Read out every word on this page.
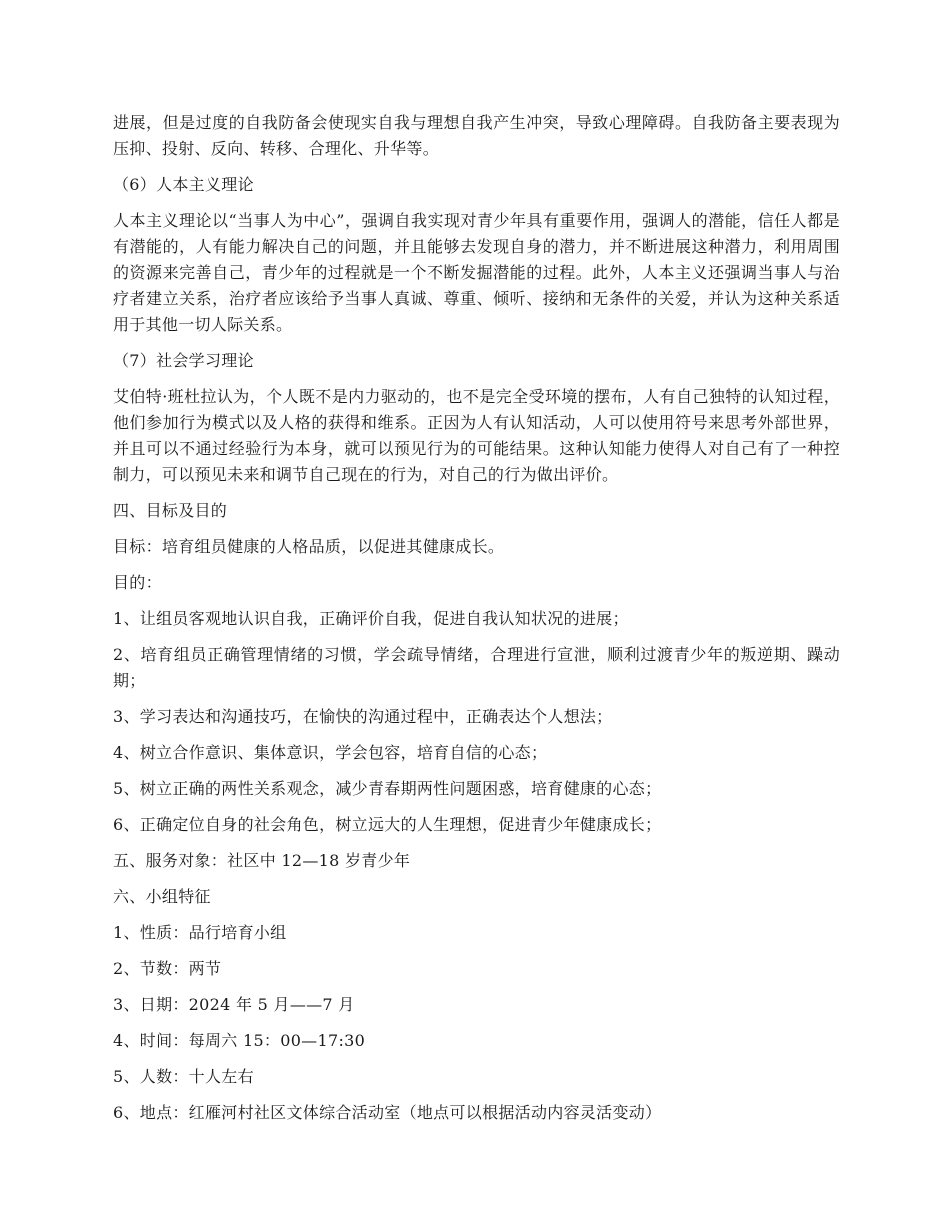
进展，但是过度的自我防备会使现实自我与理想自我产生冲突，导致心理障碍。自我防备主要表现为压抑、投射、反向、转移、合理化、升华等。

（6）人本主义理论

人本主义理论以“当事人为中心”，强调自我实现对青少年具有重要作用，强调人的潜能，信任人都是有潜能的，人有能力解决自己的问题，并且能够去发现自身的潜力，并不断进展这种潜力，利用周围的资源来完善自己，青少年的过程就是一个不断发掘潜能的过程。此外，人本主义还强调当事人与治疗者建立关系，治疗者应该给予当事人真诚、尊重、倾听、接纳和无条件的关爱，并认为这种关系适用于其他一切人际关系。

（7）社会学习理论

艾伯特·班杜拉认为，个人既不是内力驱动的，也不是完全受环境的摆布，人有自己独特的认知过程，他们参加行为模式以及人格的获得和维系。正因为人有认知活动，人可以使用符号来思考外部世界，并且可以不通过经验行为本身，就可以预见行为的可能结果。这种认知能力使得人对自己有了一种控制力，可以预见未来和调节自己现在的行为，对自己的行为做出评价。

四、目标及目的

目标：培育组员健康的人格品质，以促进其健康成长。

目的：

1、让组员客观地认识自我，正确评价自我，促进自我认知状况的进展；

2、培育组员正确管理情绪的习惯，学会疏导情绪，合理进行宣泄，顺利过渡青少年的叛逆期、躁动期；

3、学习表达和沟通技巧，在愉快的沟通过程中，正确表达个人想法；

4、树立合作意识、集体意识，学会包容，培育自信的心态；

5、树立正确的两性关系观念，减少青春期两性问题困惑，培育健康的心态；

6、正确定位自身的社会角色，树立远大的人生理想，促进青少年健康成长；

五、服务对象：社区中 12—18 岁青少年

六、小组特征

1、性质：品行培育小组

2、节数：两节

3、日期：2024 年 5 月——7 月

4、时间：每周六 15：00—17:30

5、人数：十人左右

6、地点：红雁河村社区文体综合活动室（地点可以根据活动内容灵活变动）
